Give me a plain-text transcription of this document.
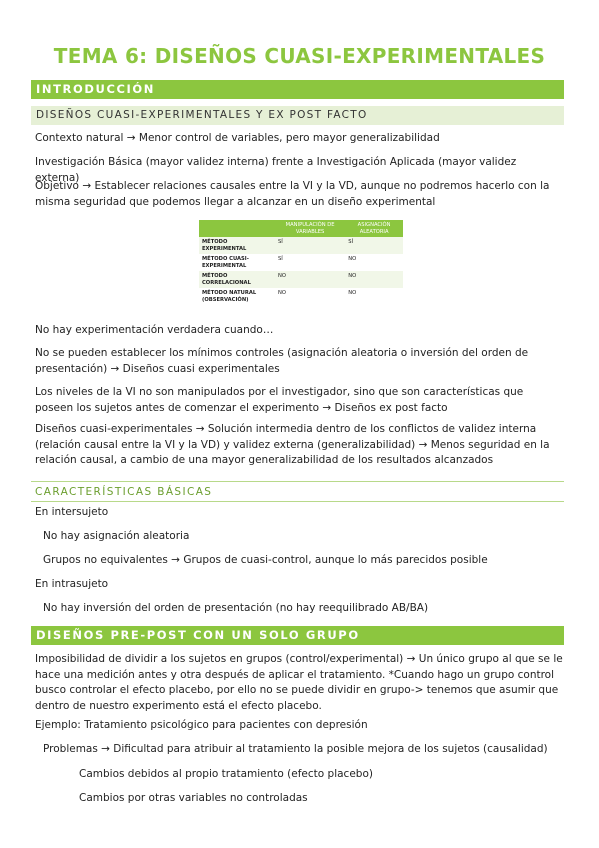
TEMA 6: DISEÑOS CUASI-EXPERIMENTALES
INTRODUCCIÓN
DISEÑOS CUASI-EXPERIMENTALES Y EX POST FACTO
Contexto natural → Menor control de variables, pero mayor generalizabilidad
Investigación Básica (mayor validez interna) frente a Investigación Aplicada (mayor validez externa)
Objetivo → Establecer relaciones causales entre la VI y la VD, aunque no podremos hacerlo con la misma seguridad que podemos llegar a alcanzar en un diseño experimental
	MANIPULACIÓN DE VARIABLES	ASIGNACIÓN ALEATORIA
MÉTODO EXPERIMENTAL	SÍ	SÍ
MÉTODO CUASI-EXPERIMENTAL	SÍ	NO
MÉTODO CORRELACIONAL	NO	NO
MÉTODO NATURAL (OBSERVACIÓN)	NO	NO
No hay experimentación verdadera cuando…
No se pueden establecer los mínimos controles (asignación aleatoria o inversión del orden de presentación) → Diseños cuasi experimentales
Los niveles de la VI no son manipulados por el investigador, sino que son características que poseen los sujetos antes de comenzar el experimento → Diseños ex post facto
Diseños cuasi-experimentales → Solución intermedia dentro de los conflictos de validez interna (relación causal entre la VI y la VD) y validez externa (generalizabilidad) → Menos seguridad en la relación causal, a cambio de una mayor generalizabilidad de los resultados alcanzados
CARACTERÍSTICAS BÁSICAS
En intersujeto
No hay asignación aleatoria
Grupos no equivalentes → Grupos de cuasi-control, aunque lo más parecidos posible
En intrasujeto
No hay inversión del orden de presentación (no hay reequilibrado AB/BA)
DISEÑOS PRE-POST CON UN SOLO GRUPO
Imposibilidad de dividir a los sujetos en grupos (control/experimental) → Un único grupo al que se le hace una medición antes y otra después de aplicar el tratamiento. *Cuando hago un grupo control busco controlar el efecto placebo, por ello no se puede dividir en grupo-> tenemos que asumir que dentro de nuestro experimento está el efecto placebo.
Ejemplo: Tratamiento psicológico para pacientes con depresión
Problemas → Dificultad para atribuir al tratamiento la posible mejora de los sujetos (causalidad)
Cambios debidos al propio tratamiento (efecto placebo)
Cambios por otras variables no controladas
